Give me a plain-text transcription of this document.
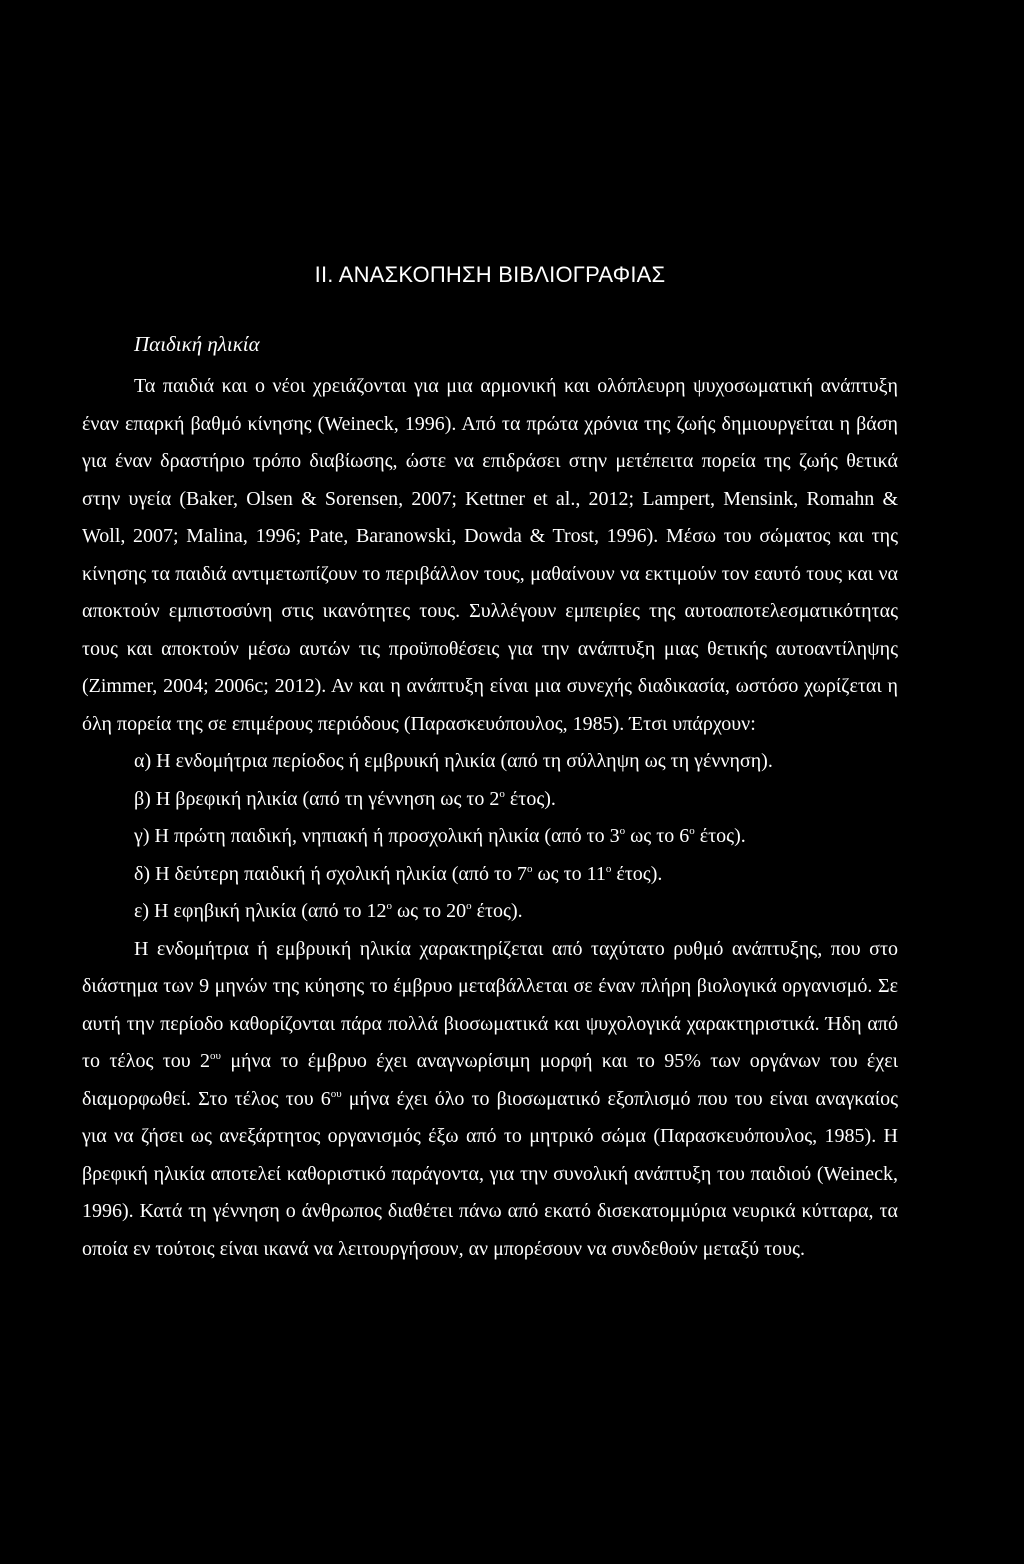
ΙΙ. ΑΝΑΣΚΟΠΗΣΗ ΒΙΒΛΙΟΓΡΑΦΙΑΣ
Παιδική ηλικία

Τα παιδιά και ο νέοι χρειάζονται για μια αρμονική και ολόπλευρη ψυχοσωματική ανάπτυξη έναν επαρκή βαθμό κίνησης (Weineck, 1996). Από τα πρώτα χρόνια της ζωής δημιουργείται η βάση για έναν δραστήριο τρόπο διαβίωσης, ώστε να επιδράσει στην μετέπειτα πορεία της ζωής θετικά στην υγεία (Baker, Olsen & Sorensen, 2007; Kettner et al., 2012; Lampert, Mensink, Romahn & Woll, 2007; Malina, 1996; Pate, Baranowski, Dowda & Trost, 1996). Μέσω του σώματος και της κίνησης τα παιδιά αντιμετωπίζουν το περιβάλλον τους, μαθαίνουν να εκτιμούν τον εαυτό τους και να αποκτούν εμπιστοσύνη στις ικανότητες τους. Συλλέγουν εμπειρίες της αυτοαποτελεσματικότητας τους και αποκτούν μέσω αυτών τις προϋποθέσεις για την ανάπτυξη μιας θετικής αυτοαντίληψης (Zimmer, 2004; 2006c; 2012). Αν και η ανάπτυξη είναι μια συνεχής διαδικασία, ωστόσο χωρίζεται η όλη πορεία της σε επιμέρους περιόδους (Παρασκευόπουλος, 1985). Έτσι υπάρχουν:

α) Η ενδομήτρια περίοδος ή εμβρυική ηλικία (από τη σύλληψη ως τη γέννηση).
β) Η βρεφική ηλικία (από τη γέννηση ως το $2^o$ έτος).
γ) Η πρώτη παιδική, νηπιακή ή προσχολική ηλικία (από το $3^o$ ως το $6^o$ έτος).
δ) Η δεύτερη παιδική ή σχολική ηλικία (από το $7^o$ ως το $11^o$ έτος).
ε) Η εφηβική ηλικία (από το $12^o$ ως το $20^o$ έτος).

Η ενδομήτρια ή εμβρυική ηλικία χαρακτηρίζεται από ταχύτατο ρυθμό ανάπτυξης, που στο διάστημα των 9 μηνών της κύησης το έμβρυο μεταβάλλεται σε έναν πλήρη βιολογικά οργανισμό. Σε αυτή την περίοδο καθορίζονται πάρα πολλά βιοσωματικά και ψυχολογικά χαρακτηριστικά. Ήδη από το τέλος του $2^{o\upsilon}$ μήνα το έμβρυο έχει αναγνωρίσιμη μορφή και το 95% των οργάνων του έχει διαμορφωθεί. Στο τέλος του $6^{o\upsilon}$ μήνα έχει όλο το βιοσωματικό εξοπλισμό που του είναι αναγκαίος για να ζήσει ως ανεξάρτητος οργανισμός έξω από το μητρικό σώμα (Παρασκευόπουλος, 1985). Η βρεφική ηλικία αποτελεί καθοριστικό παράγοντα, για την συνολική ανάπτυξη του παιδιού (Weineck, 1996). Κατά τη γέννηση ο άνθρωπος διαθέτει πάνω από εκατό δισεκατομμύρια νευρικά κύτταρα, τα οποία εν τούτοις είναι ικανά να λειτουργήσουν, αν μπορέσουν να συνδεθούν μεταξύ τους.
